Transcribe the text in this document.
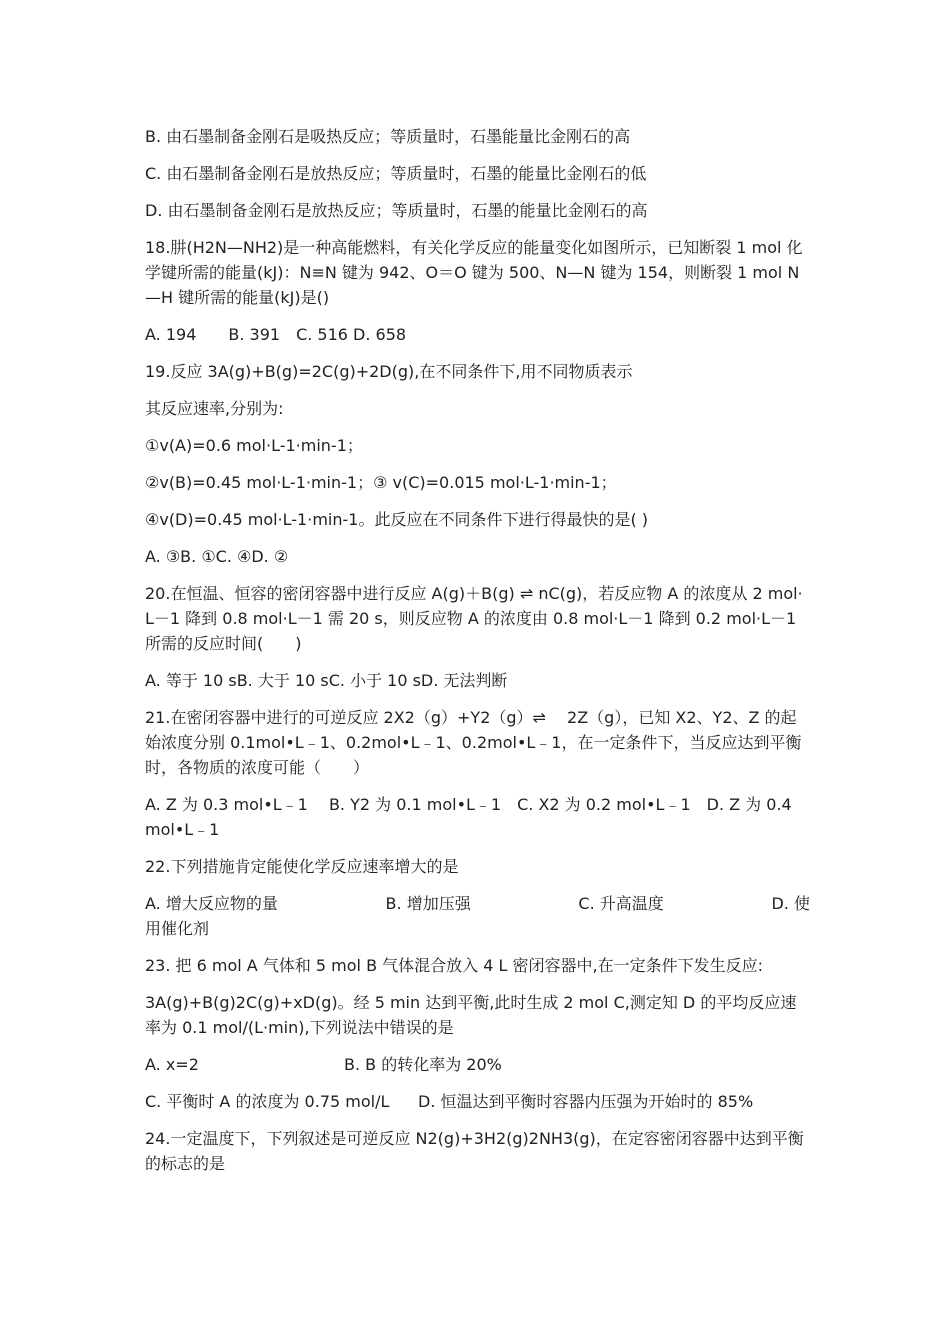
B. 由石墨制备金刚石是吸热反应；等质量时，石墨能量比金刚石的高

C. 由石墨制备金刚石是放热反应；等质量时，石墨的能量比金刚石的低

D. 由石墨制备金刚石是放热反应；等质量时，石墨的能量比金刚石的高

18.肼(H2N—NH2)是一种高能燃料，有关化学反应的能量变化如图所示，已知断裂 1 mol 化学键所需的能量(kJ)：N≡N 键为 942、O＝O 键为 500、N—N 键为 154，则断裂 1 mol N—H 键所需的能量(kJ)是()

A. 194　　B. 391　C. 516 D. 658

19.反应 3A(g)+B(g)=2C(g)+2D(g),在不同条件下,用不同物质表示

其反应速率,分别为:

①v(A)=0.6 mol·L-1·min-1；

②v(B)=0.45 mol·L-1·min-1；③ v(C)=0.015 mol·L-1·min-1；

④v(D)=0.45 mol·L-1·min-1。此反应在不同条件下进行得最快的是( )

A. ③B. ①C. ④D. ②

20.在恒温、恒容的密闭容器中进行反应 A(g)＋B(g) ⇌ nC(g)，若反应物 A 的浓度从 2 mol·L－1 降到 0.8 mol·L－1 需 20 s，则反应物 A 的浓度由 0.8 mol·L－1 降到 0.2 mol·L－1 所需的反应时间(　　)

A. 等于 10 sB. 大于 10 sC. 小于 10 sD. 无法判断

21.在密闭容器中进行的可逆反应 2X2（g）+Y2（g）⇌　 2Z（g），已知 X2、Y2、Z 的起始浓度分别 0.1mol•L﹣1、0.2mol•L﹣1、0.2mol•L﹣1，在一定条件下，当反应达到平衡时，各物质的浓度可能（　　）

A. Z 为 0.3 mol•L﹣1　 B. Y2 为 0.1 mol•L﹣1　C. X2 为 0.2 mol•L﹣1　D. Z 为 0.4 mol•L﹣1

22.下列措施肯定能使化学反应速率增大的是

A. 增大反应物的量	B. 增加压强	C. 升高温度	D. 使
用催化剂

23. 把 6 mol A 气体和 5 mol B 气体混合放入 4 L 密闭容器中,在一定条件下发生反应:

3A(g)+B(g)2C(g)+xD(g)。经 5 min 达到平衡,此时生成 2 mol C,测定知 D 的平均反应速率为 0.1 mol/(L·min),下列说法中错误的是

A. x=2	B. B 的转化率为 20%

C. 平衡时 A 的浓度为 0.75 mol/L D. 恒温达到平衡时容器内压强为开始时的 85%

24.一定温度下，下列叙述是可逆反应 N2(g)+3H2(g)2NH3(g)，在定容密闭容器中达到平衡的标志的是
